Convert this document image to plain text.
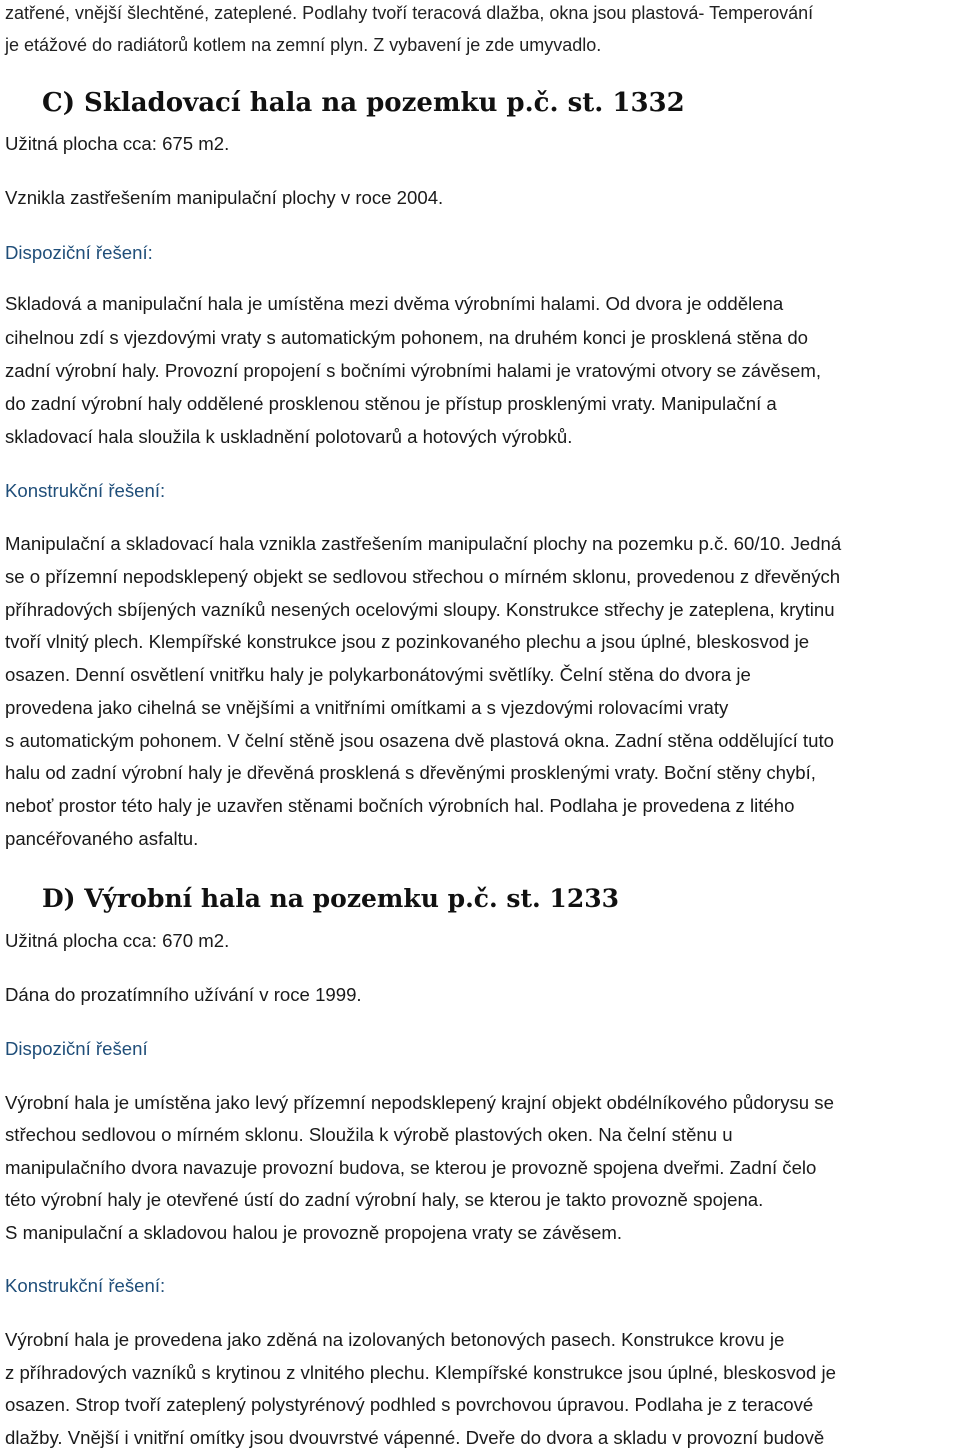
zatřené, vnější šlechtěné, zateplené. Podlahy tvoří teracová dlažba, okna jsou plastová- Temperování
je etážové do radiátorů kotlem na zemní plyn. Z vybavení je zde umyvadlo.
C) Skladovací hala na pozemku p.č. st. 1332
Užitná plocha cca: 675 m2.
Vznikla zastřešením manipulační plochy v roce 2004.
Dispoziční řešení:
Skladová a manipulační hala je umístěna mezi dvěma výrobními halami. Od dvora je oddělena
cihelnou zdí s vjezdovými vraty s automatickým pohonem, na druhém konci je prosklená stěna do
zadní výrobní haly. Provozní propojení s bočními výrobními halami je vratovými otvory se závěsem,
do zadní výrobní haly oddělené prosklenou stěnou je přístup prosklenými vraty. Manipulační a
skladovací hala sloužila k uskladnění polotovarů a hotových výrobků.
Konstrukční řešení:
Manipulační a skladovací hala vznikla zastřešením manipulační plochy na pozemku p.č. 60/10. Jedná
se o přízemní nepodsklepený objekt se sedlovou střechou o mírném sklonu, provedenou z dřevěných
příhradových sbíjených vazníků nesených ocelovými sloupy. Konstrukce střechy je zateplena, krytinu
tvoří vlnitý plech. Klempířské konstrukce jsou z pozinkovaného plechu a jsou úplné, bleskosvod je
osazen. Denní osvětlení vnitřku haly je polykarbonátovými světlíky. Čelní stěna do dvora je
provedena jako cihelná se vnějšími a vnitřními omítkami a s vjezdovými rolovacími vraty
s automatickým pohonem. V čelní stěně jsou osazena dvě plastová okna. Zadní stěna oddělující tuto
halu od zadní výrobní haly je dřevěná prosklená s dřevěnými prosklenými vraty. Boční stěny chybí,
neboť prostor této haly je uzavřen stěnami bočních výrobních hal. Podlaha je provedena z litého
pancéřovaného asfaltu.
D) Výrobní hala na pozemku p.č. st. 1233
Užitná plocha cca: 670 m2.
Dána do prozatímního užívání v roce 1999.
Dispoziční řešení
Výrobní hala je umístěna jako levý přízemní nepodsklepený krajní objekt obdélníkového půdorysu se
střechou sedlovou o mírném sklonu. Sloužila k výrobě plastových oken. Na čelní stěnu u
manipulačního dvora navazuje provozní budova, se kterou je provozně spojena dveřmi. Zadní čelo
této výrobní haly je otevřené ústí do zadní výrobní haly, se kterou je takto provozně spojena.
S manipulační a skladovou halou je provozně propojena vraty se závěsem.
Konstrukční řešení:
Výrobní hala je provedena jako zděná na izolovaných betonových pasech. Konstrukce krovu je
z příhradových vazníků s krytinou z vlnitého plechu. Klempířské konstrukce jsou úplné, bleskosvod je
osazen. Strop tvoří zateplený polystyrénový podhled s povrchovou úpravou. Podlaha je z teracové
dlažby. Vnější i vnitřní omítky jsou dvouvrstvé vápenné. Dveře do dvora a skladu v provozní budově
